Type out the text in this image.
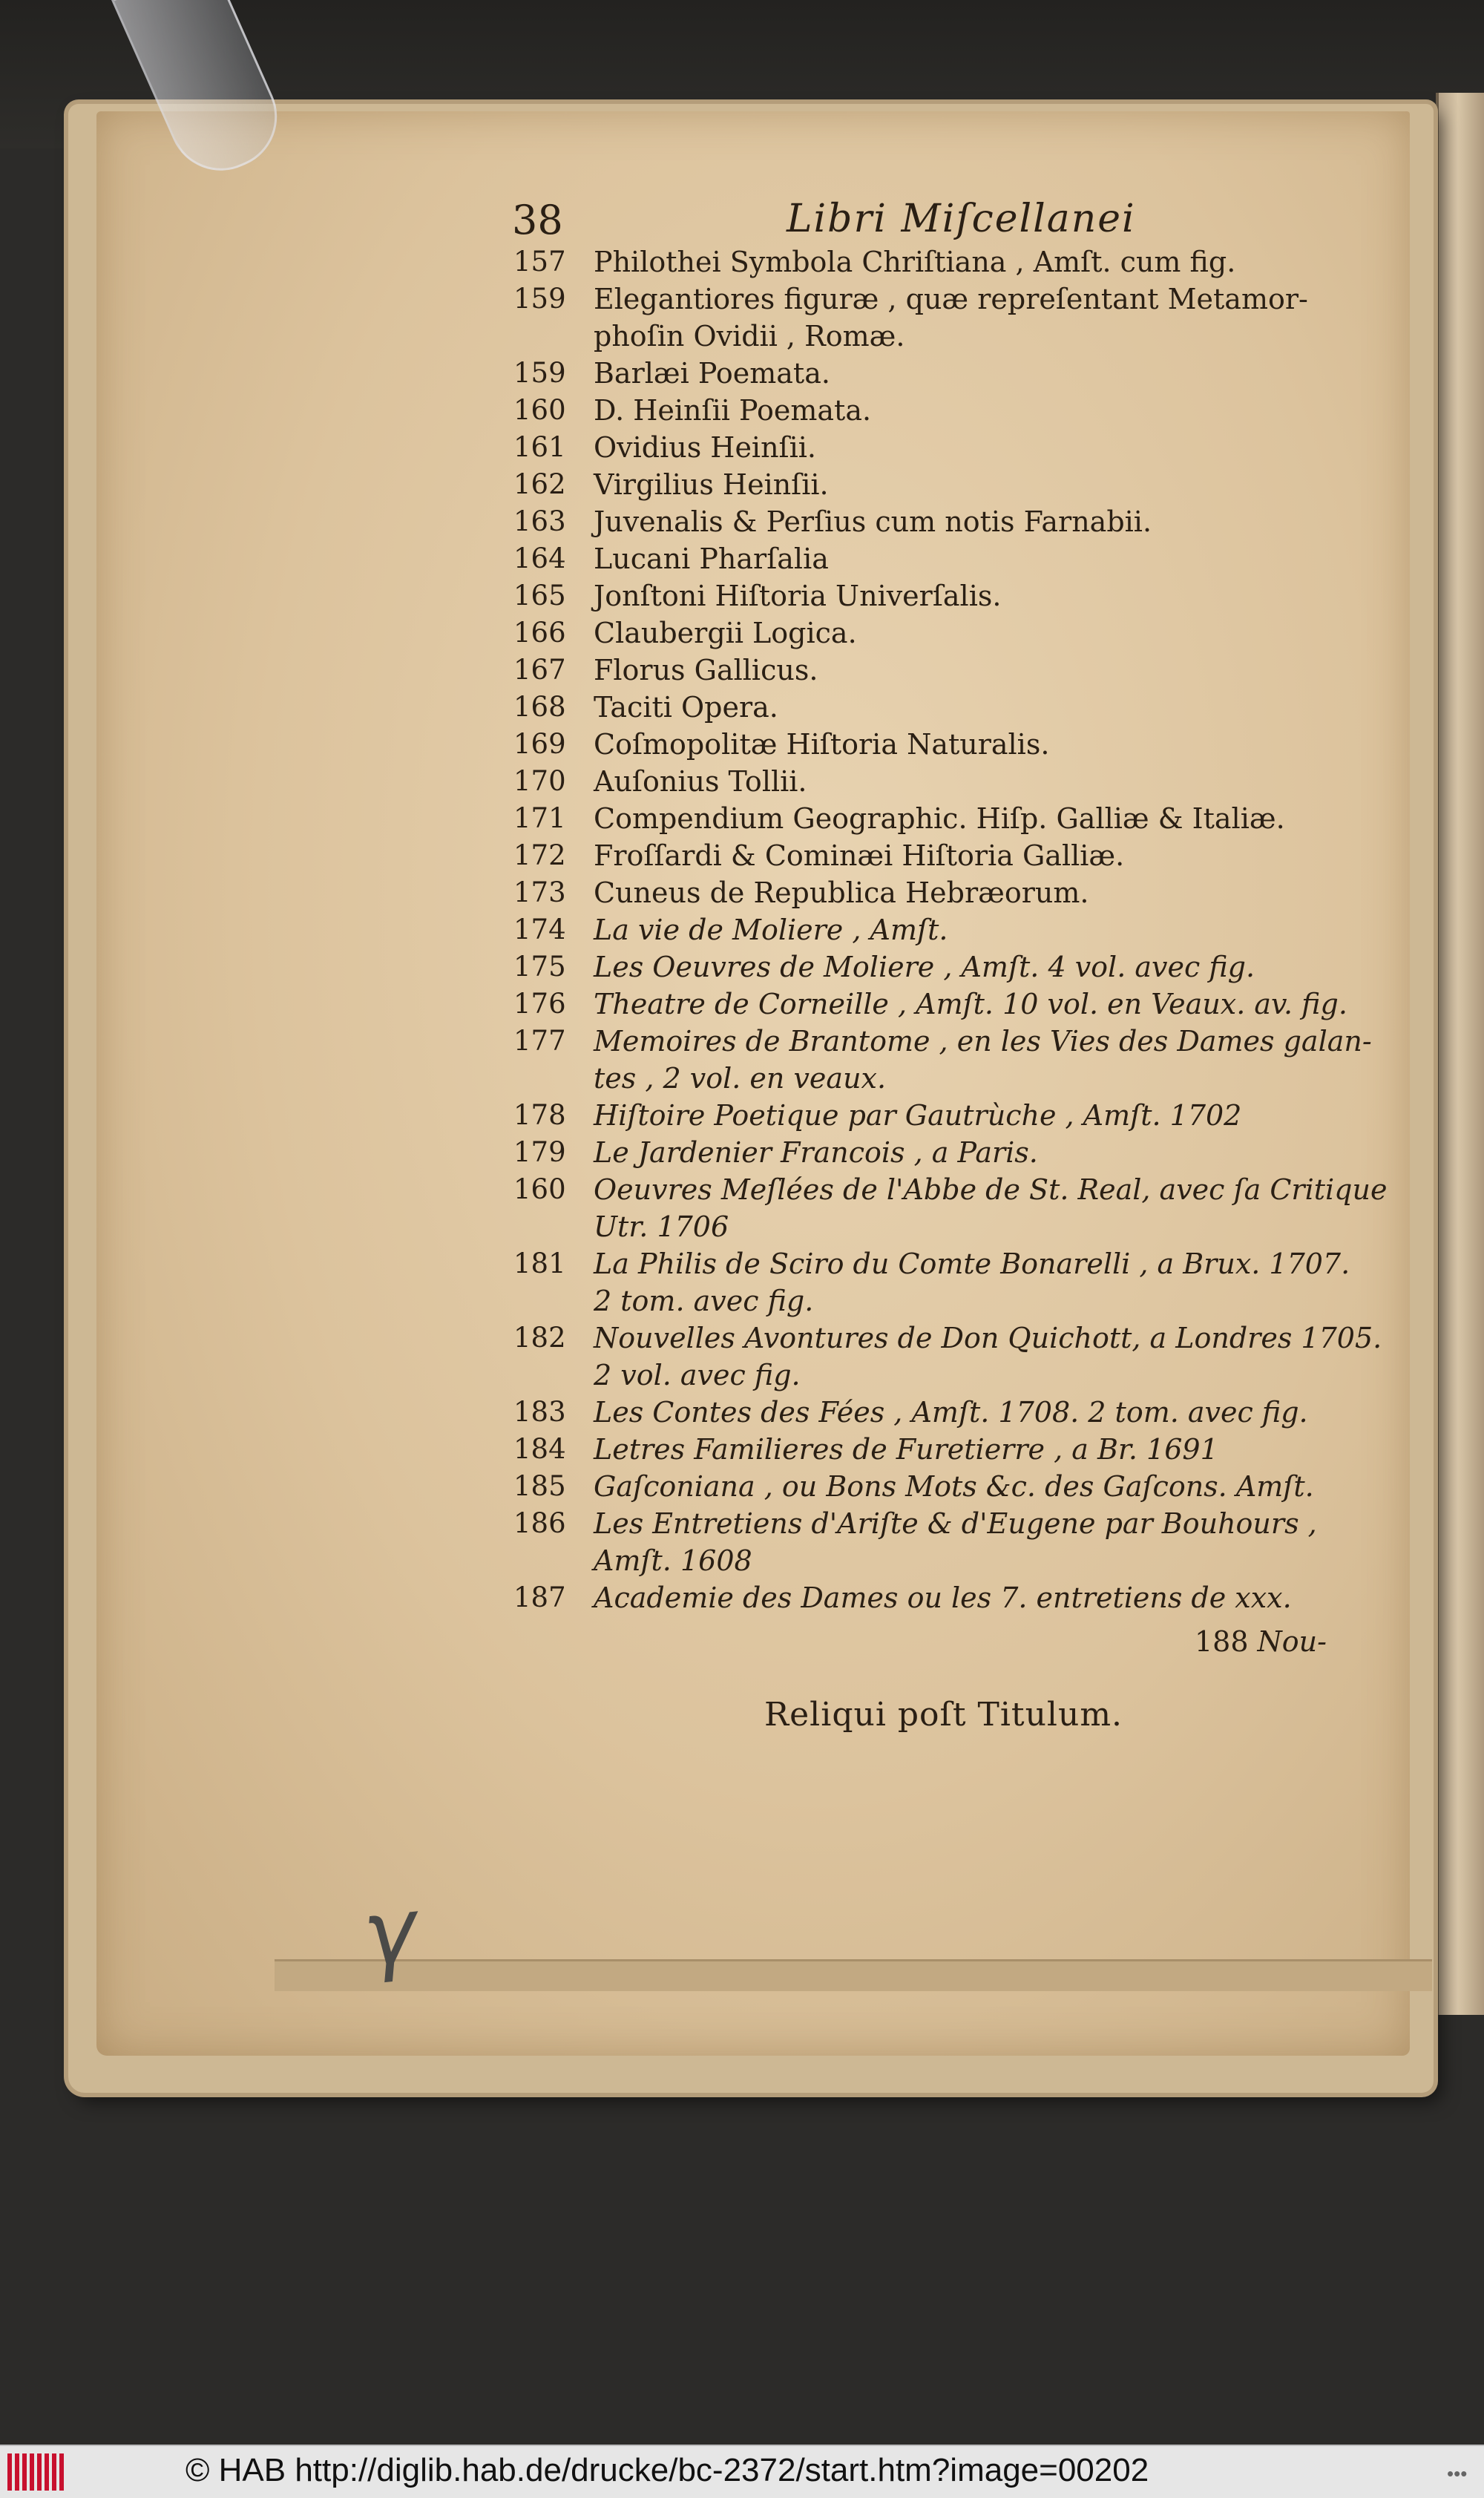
38	Libri Miſcellanei
157 Philothei Symbola Chriſtiana , Amſt. cum fig.
159 Elegantiores figuræ , quæ repreſentant Metamor-
phoſin Ovidii , Romæ.
159 Barlæi Poemata.
160 D. Heinſii Poemata.
161 Ovidius Heinſii.
162 Virgilius Heinſii.
163 Juvenalis & Perſius cum notis Farnabii.
164 Lucani Pharſalia
165 Jonſtoni Hiſtoria Univerſalis.
166 Claubergii Logica.
167 Florus Gallicus.
168 Taciti Opera.
169 Coſmopolitæ Hiſtoria Naturalis.
170 Auſonius Tollii.
171 Compendium Geographic. Hiſp. Galliæ & Italiæ.
172 Froſſardi & Cominæi Hiſtoria Galliæ.
173 Cuneus de Republica Hebræorum.
174 La vie de Moliere , Amſt.
175 Les Oeuvres de Moliere , Amſt. 4 vol. avec fig.
176 Theatre de Corneille , Amſt. 10 vol. en Veaux. av. fig.
177 Memoires de Brantome , en les Vies des Dames galan-
tes , 2 vol. en veaux.
178 Hiſtoire Poetique par Gautrùche , Amſt. 1702
179 Le Jardenier Francois , a Paris.
160 Oeuvres Meſlées de l'Abbe de St. Real, avec ſa Critique
Utr. 1706
181 La Philis de Sciro du Comte Bonarelli , a Brux. 1707.
2 tom. avec fig.
182 Nouvelles Avontures de Don Quichott, a Londres 1705.
2 vol. avec fig.
183 Les Contes des Fées , Amſt. 1708. 2 tom. avec fig.
184 Letres Familieres de Furetierre , a Br. 1691
185 Gaſconiana , ou Bons Mots &c. des Gaſcons. Amſt.
186 Les Entretiens d'Ariſte & d'Eugene par Bouhours ,
Amſt. 1608
187 Academie des Dames ou les 7. entretiens de xxx.
188 Nou-
Reliqui poſt Titulum.
γ
© HAB http://diglib.hab.de/drucke/bc-2372/start.htm?image=00202	•••
